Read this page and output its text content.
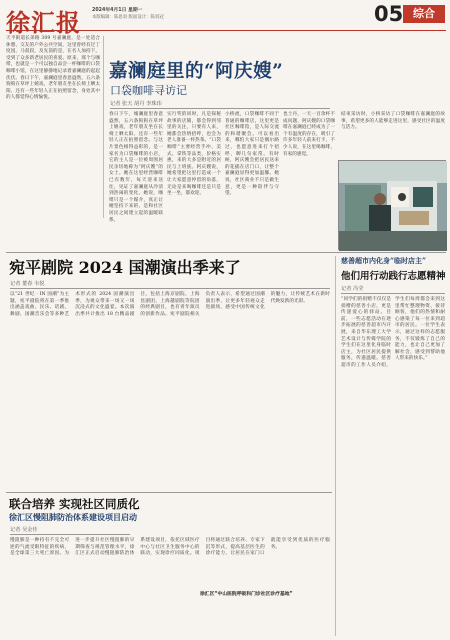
徐汇报 2024年4月1日 星期一
本版编辑：陈思羽 版面设计：陈羽冠	05 综合
天平街道长弟路 309 号嘉澜庭，是一处适合休憩、交友的户外公共空间，这里曾经有过丁度园，马叔叔，及先前的是，在名人加持下，受到了众多新老居民的喜爱。原来，那个与咖啡，也就是一个可以独自品尝一杯咖啡的口袋咖啡小馆，在这里静静地记录着嘉澜庭的起起伏伏。春日下午，嘉澜庭里春意盎然，五六条狗狗在草坪上嬉戏，老年朋友坐在长椅上晒太阳，还有一些年轻人正在拍照留念，身处其中的人都觉得心情愉悦。
嘉澜庭里的“阿庆嫂”
口袋咖啡寻访记
记者 张天 胡丹 李珠玮
春日下午，城澜庭里春意盎然，五六条狗狗在草坪上嬉戏，老年朋友坐在长椅上晒太阳，还有一些年轻人正在拍照留念。与这片景色相得益彰的，是一家名为口袋咖啡的小店，它的主人是一位被周围居民亲切地称为“阿庆嫂”的女士。她在这里经营咖啡已有数年，每天迎来送往，见证了嘉澜庭从冷清到热闹的变化。她说，咖啡只是一个媒介，真正让她坚持下来的，是和社区居民之间建立起的温暖联系。
实行奖的同时，凡是探秘故事的店铺，都会得到邻里的关注，只要有人来，她都会热情招呼，也会为老人准备一杯热茶。“口袋咖啡”主要经营手冲、美式、拿铁等品类，价格实惠，来的大多是附近的居民与上班族。阿庆嫂说，她希望把这里打造成一个让大家愿意停留的角落，无论是来喝咖啡还是只是坐一坐，都欢迎。
小桥流，口袋咖啡不同于普通的咖啡店，这里更是社区咖啡馆，是人际交流的和谐聚会。可以看出来，哪怕大家只是偶尔路过，也愿意进来打个招呼，聊几句家常。有时候，阿庆嫂会把居民送来的花插在店门口，让整个嘉澜庭显得更加温馨。她说，社区商业不只是做生意，更是一种陪伴与守望。
也士丹，一天一百余杯不成问题，阿庆嫂的口袋咖啡在嘉澜庭已经成为了一个有温度的存在，吸引了许多年轻人前来打卡，不少人说，在这里喝咖啡，有家的感觉。
结束采访时，小桥采访了口袋咖啡在嘉澜庭的故事，希望更多的人能够走进这里，感受社区的温度与活力。
宛平剧院 2024 国潮演出季来了
记者 董春 韦悦
以“21 世纪 · IN 国潮”为主题，宛平剧院将在第一季推出涵盖戏曲、民乐、话剧、舞剧、国潮音乐会等多种艺术形式的 2024 国潮演出季，为观众带来一场又一场沉浸式的文化盛宴。本次演出季共计推出 18 台精品剧目，包括上海京剧院、上海昆剧团、上海越剧院等院团的经典剧目，也有青年演员的创新作品。宛平剧院相关负责人表示，希望通过国潮演出季，让更多年轻观众走进剧场，感受中国传统文化的魅力，让传统艺术在新时代焕发新的光彩。
慈善超市内化身“临时店主”
他们用行动践行志愿精神
记者 冯莹
“同学们的捐赠不仅仅是捐赠的慈善小店，更是传递爱心的驿站。目前，一些志愿活动在逐步拓展的慈善超市内开展，来自华东理工大学艺术设计与传媒学院的学生们在这里化身临时店主，为社区居民提供服务，传递温暖。慈善超市的工作人员介绍，学生们每周都会来到这里帮忙整理物资、接待顾客，他们的热情和耐心感染了每一位来到超市的居民。一位学生表示，通过这样的志愿服务，不仅锻炼了自己的能力，也让自己更加了解社会，感受到帮助他人带来的快乐。”
联合培养 实现社区同质化
徐汇区慢阻肺防治体系建设项目启动
记者 吴金佳
慢阻肺是一种持有不完全可逆的气流受限特征的疾病，是全球第三大死亡原因。为进一步提升社区慢阻肺的早期筛查与规范管理水平，徐汇区正式启动慢阻肺防治体系建设项目，依托区域医疗中心与社区卫生服务中心的联动，实现诊疗同质化。项目将通过联合培养、专家下沉等形式，提高基层医生的诊疗能力，让居民在家门口就能享受到优质的医疗服务。
徐汇区“中山医院呼吸科门诊社区诊疗基地”
